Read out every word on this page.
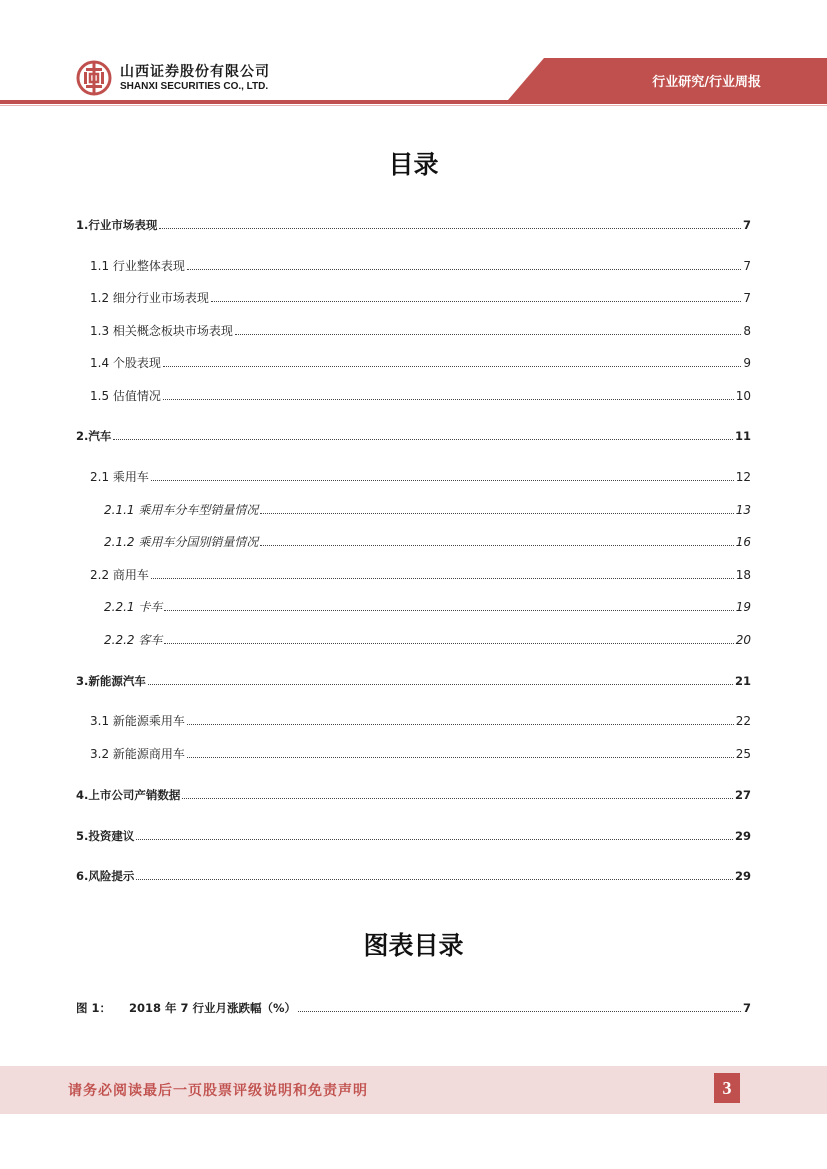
山西证券股份有限公司
SHANXI SECURITIES CO., LTD.	行业研究/行业周报
目录
1.行业市场表现	7
1.1 行业整体表现	7
1.2 细分行业市场表现	7
1.3 相关概念板块市场表现	8
1.4 个股表现	9
1.5 估值情况	10
2.汽车	11
2.1 乘用车	12
2.1.1 乘用车分车型销量情况	13
2.1.2 乘用车分国别销量情况	16
2.2 商用车	18
2.2.1 卡车	19
2.2.2 客车	20
3.新能源汽车	21
3.1 新能源乘用车	22
3.2 新能源商用车	25
4.上市公司产销数据	27
5.投资建议	29
6.风险提示	29
图表目录
图 1： 2018 年 7 行业月涨跌幅（%）	7
请务必阅读最后一页股票评级说明和免责声明	3
